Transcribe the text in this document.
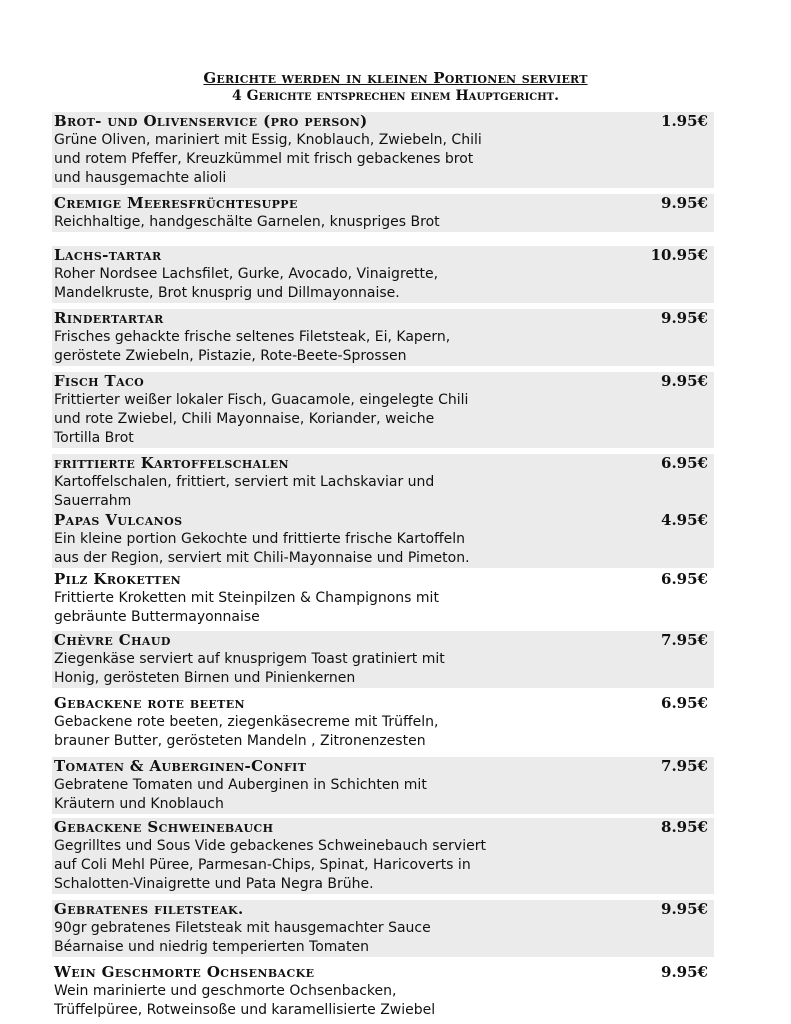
Gerichte werden in kleinen Portionen serviert
4 Gerichte entsprechen einem Hauptgericht.
Brot- und Olivenservice (pro person)	1.95€
Grüne Oliven, mariniert mit Essig, Knoblauch, Zwiebeln, Chili
und rotem Pfeffer, Kreuzkümmel mit frisch gebackenes brot
und hausgemachte alioli
Cremige Meeresfrüchtesuppe	9.95€
Reichhaltige, handgeschälte Garnelen, knuspriges Brot
Lachs-tartar	10.95€
Roher Nordsee Lachsfilet, Gurke, Avocado, Vinaigrette,
Mandelkruste, Brot knusprig und Dillmayonnaise.
Rindertartar	9.95€
Frisches gehackte frische seltenes Filetsteak, Ei, Kapern,
geröstete Zwiebeln, Pistazie, Rote-Beete-Sprossen
Fisch Taco	9.95€
Frittierter weißer lokaler Fisch, Guacamole, eingelegte Chili
und rote Zwiebel, Chili Mayonnaise, Koriander, weiche
Tortilla Brot
frittierte Kartoffelschalen	6.95€
Kartoffelschalen, frittiert, serviert mit Lachskaviar und
Sauerrahm
Papas Vulcanos	4.95€
Ein kleine portion Gekochte und frittierte frische Kartoffeln
aus der Region, serviert mit Chili-Mayonnaise und Pimeton.
Pilz Kroketten	6.95€
Frittierte Kroketten mit Steinpilzen & Champignons mit
gebräunte Buttermayonnaise
Chèvre Chaud	7.95€
Ziegenkäse serviert auf knusprigem Toast gratiniert mit
Honig, gerösteten Birnen und Pinienkernen
Gebackene rote beeten	6.95€
Gebackene rote beeten, ziegenkäsecreme mit Trüffeln,
brauner Butter, gerösteten Mandeln , Zitronenzesten
Tomaten & Auberginen-Confit	7.95€
Gebratene Tomaten und Auberginen in Schichten mit
Kräutern und Knoblauch
Gebackene Schweinebauch	8.95€
Gegrilltes und Sous Vide gebackenes Schweinebauch serviert
auf Coli Mehl Püree, Parmesan-Chips, Spinat, Haricoverts in
Schalotten-Vinaigrette und Pata Negra Brühe.
Gebratenes filetsteak.	9.95€
90gr gebratenes Filetsteak mit hausgemachter Sauce
Béarnaise und niedrig temperierten Tomaten
Wein Geschmorte Ochsenbacke	9.95€
Wein marinierte und geschmorte Ochsenbacken,
Trüffelpüree, Rotweinsoße und karamellisierte Zwiebel
